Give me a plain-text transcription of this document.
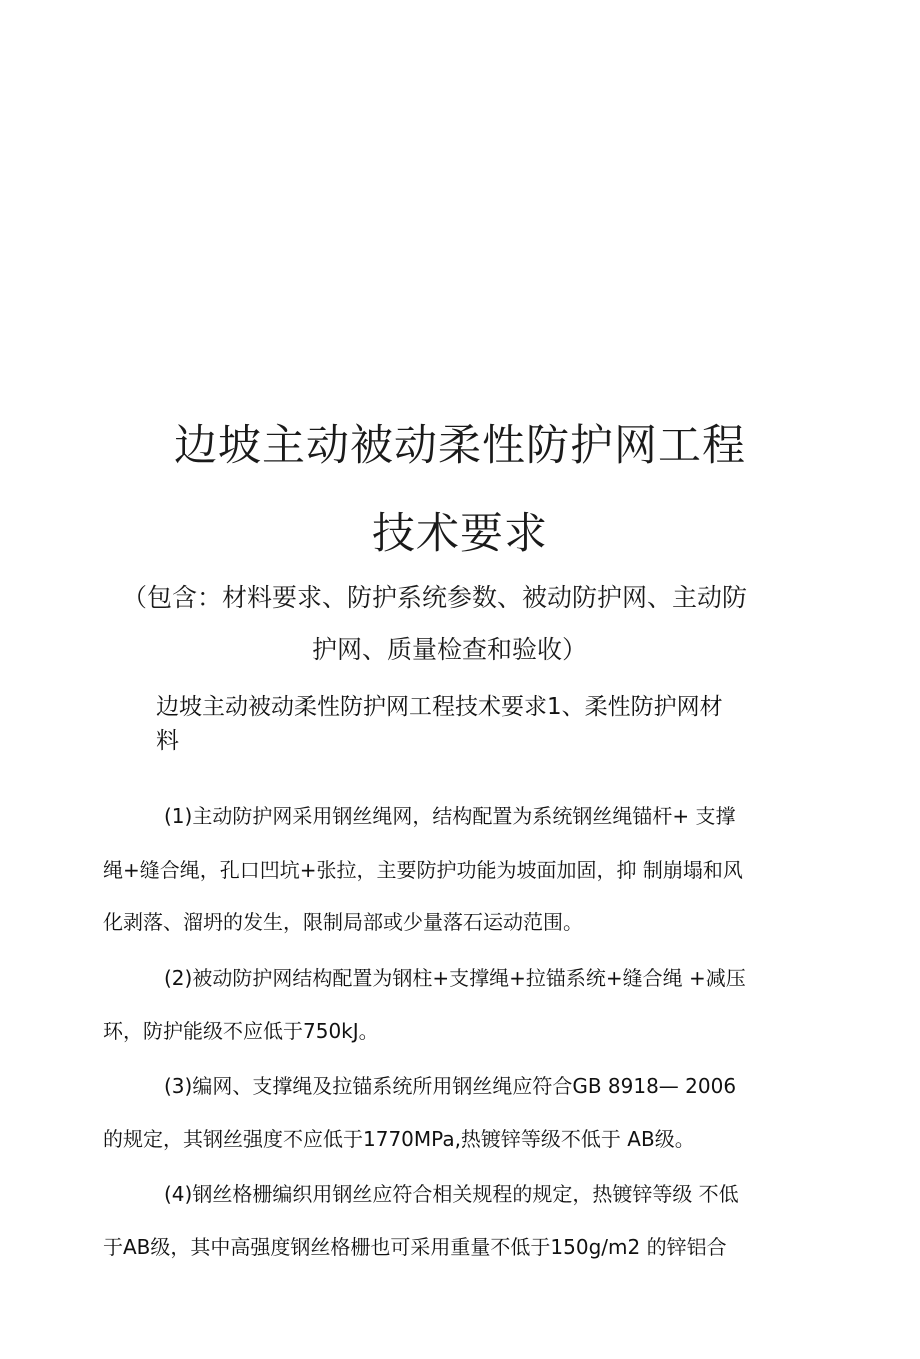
边坡主动被动柔性防护网工程
技术要求
（包含：材料要求、防护系统参数、被动防护网、主动防
护网、质量检查和验收）
边坡主动被动柔性防护网工程技术要求1、柔性防护网材
料
(1)主动防护网采用钢丝绳网，结构配置为系统钢丝绳锚杆+ 支撑
绳+缝合绳，孔口凹坑+张拉，主要防护功能为坡面加固，抑 制崩塌和风
化剥落、溜坍的发生，限制局部或少量落石运动范围。
(2)被动防护网结构配置为钢柱+支撑绳+拉锚系统+缝合绳 +减压
环，防护能级不应低于750kJ。
(3)编网、支撑绳及拉锚系统所用钢丝绳应符合GB 8918— 2006
的规定，其钢丝强度不应低于1770MPa,热镀锌等级不低于 AB级。
(4)钢丝格栅编织用钢丝应符合相关规程的规定，热镀锌等级 不低
于AB级，其中高强度钢丝格栅也可采用重量不低于150g/m2 的锌铝合
